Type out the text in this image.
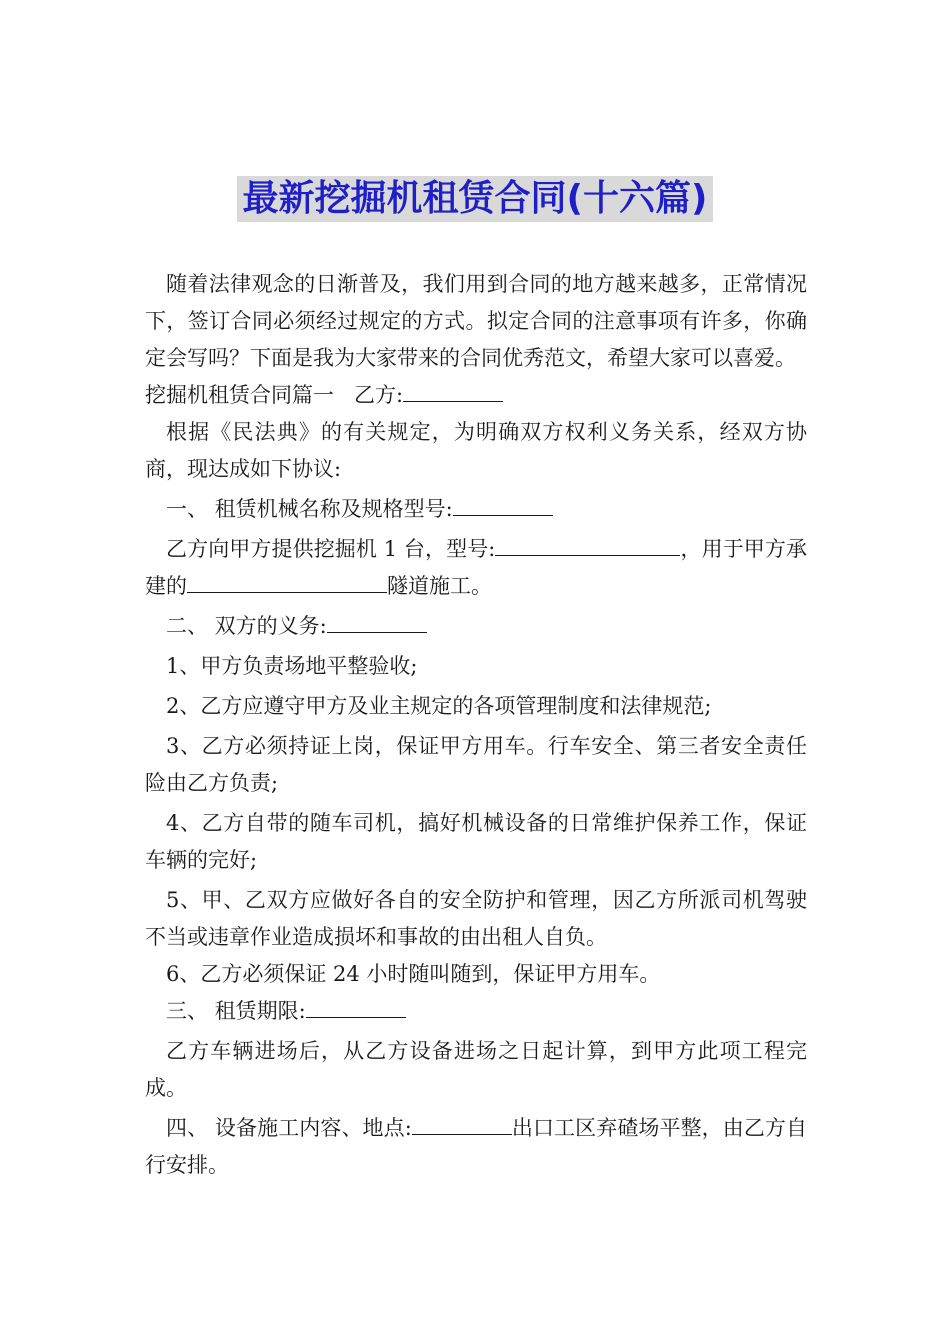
最新挖掘机租赁合同(十六篇)

随着法律观念的日渐普及，我们用到合同的地方越来越多，正常情况下，签订合同必须经过规定的方式。拟定合同的注意事项有许多，你确定会写吗？下面是我为大家带来的合同优秀范文，希望大家可以喜爱。

挖掘机租赁合同篇一 乙方:

根据《民法典》的有关规定，为明确双方权利义务关系，经双方协商，现达成如下协议:

一、 租赁机械名称及规格型号:

乙方向甲方提供挖掘机 1 台，型号:	，用于甲方承建的	隧道施工。

二、 双方的义务:

1、甲方负责场地平整验收;

2、乙方应遵守甲方及业主规定的各项管理制度和法律规范;

3、乙方必须持证上岗，保证甲方用车。行车安全、第三者安全责任险由乙方负责;

4、乙方自带的随车司机，搞好机械设备的日常维护保养工作，保证车辆的完好;

5、甲、乙双方应做好各自的安全防护和管理，因乙方所派司机驾驶不当或违章作业造成损坏和事故的由出租人自负。

6、乙方必须保证 24 小时随叫随到，保证甲方用车。

三、 租赁期限:

乙方车辆进场后，从乙方设备进场之日起计算，到甲方此项工程完成。

四、 设备施工内容、地点:	出口工区弃碴场平整，由乙方自行安排。
